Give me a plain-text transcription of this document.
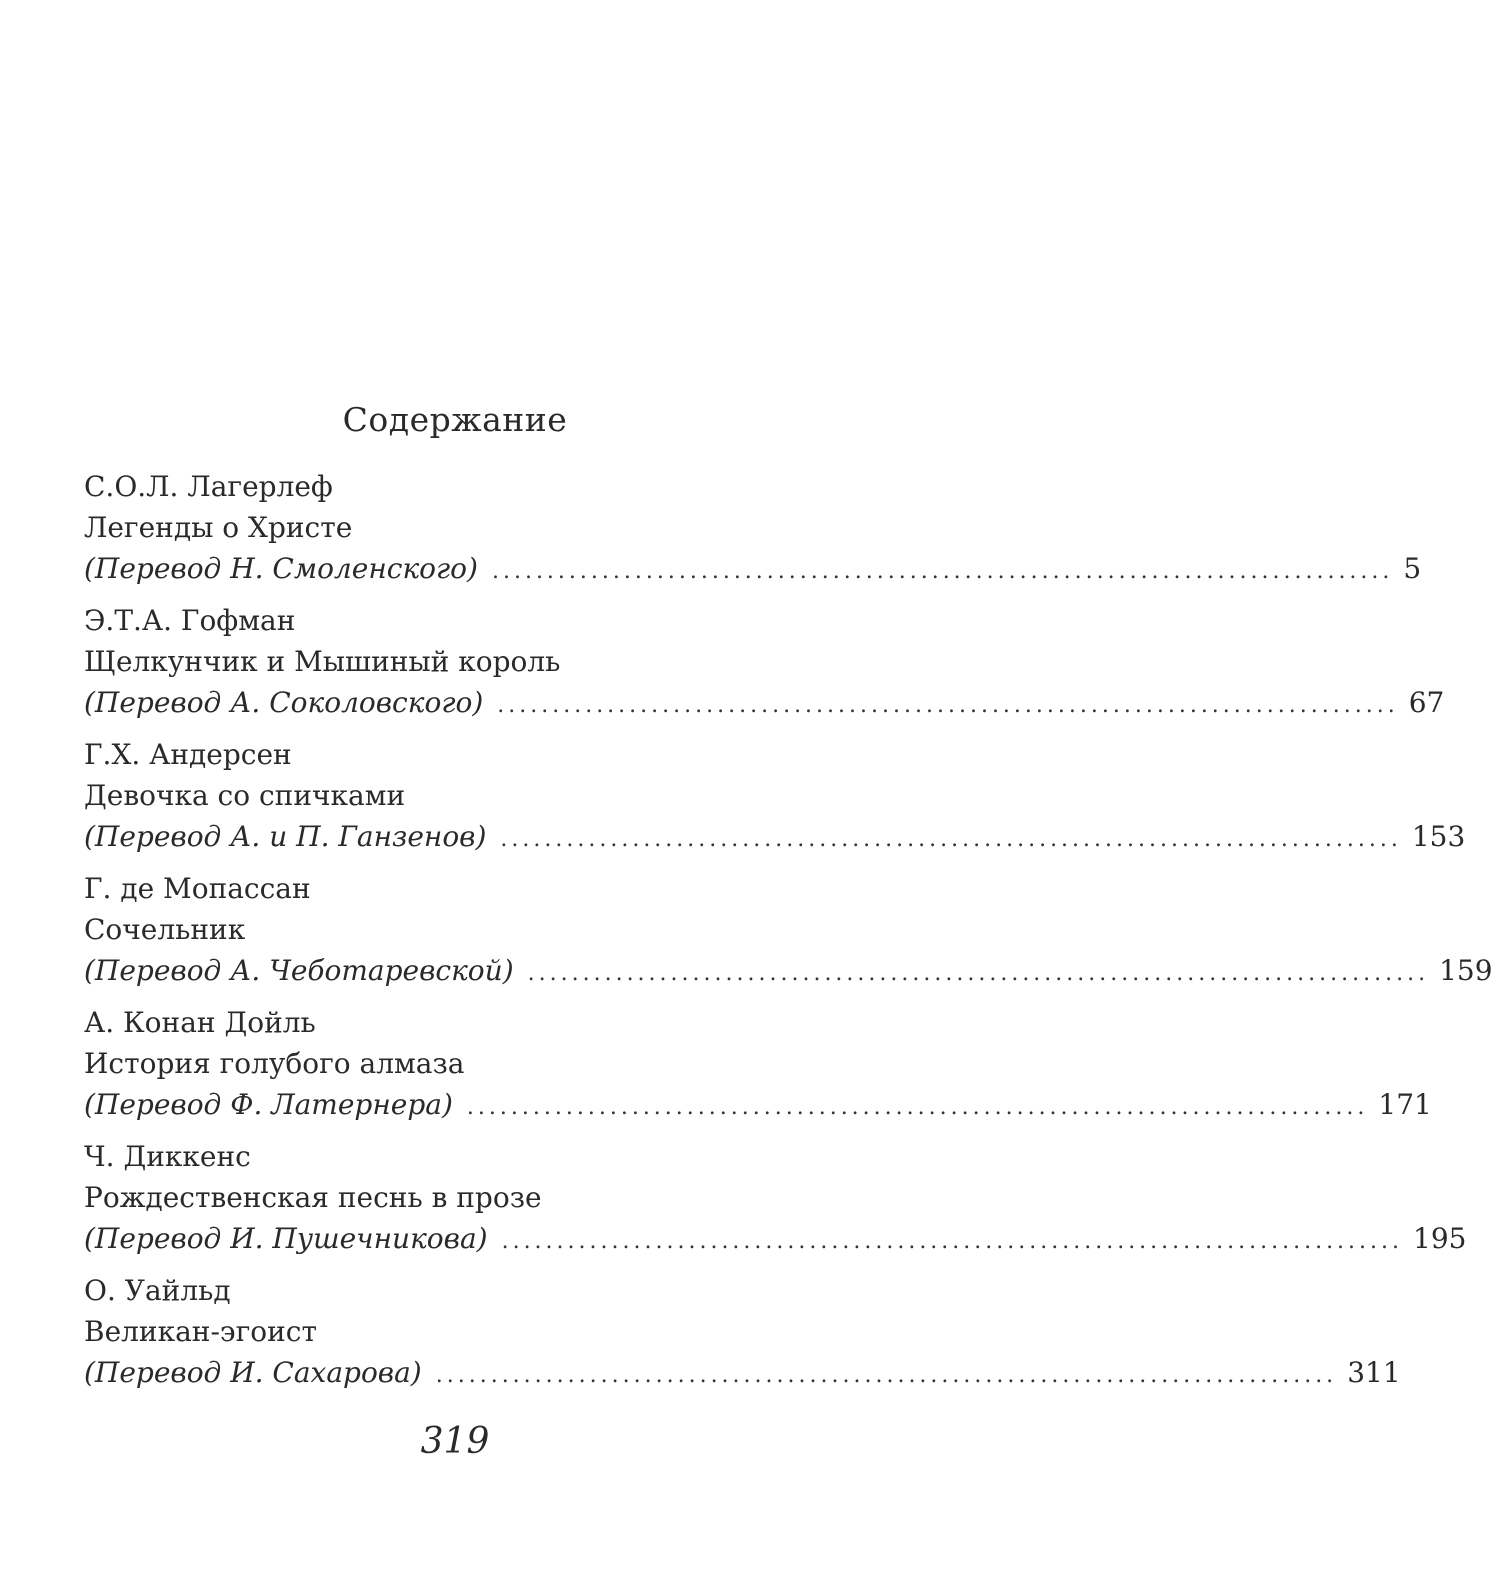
Содержание
С.О.Л. Лагерлеф
Легенды о Христе
(Перевод Н. Смоленского) .................................................................................. 5
Э.Т.А. Гофман
Щелкунчик и Мышиный король
(Перевод А. Соколовского) .................................................................................. 67
Г.Х. Андерсен
Девочка со спичками
(Перевод А. и П. Ганзенов) .................................................................................. 153
Г. де Мопассан
Сочельник
(Перевод А. Чеботаревской) .................................................................................. 159
А. Конан Дойль
История голубого алмаза
(Перевод Ф. Латернера) .................................................................................. 171
Ч. Диккенс
Рождественская песнь в прозе
(Перевод И. Пушечникова) .................................................................................. 195
О. Уайльд
Великан-эгоист
(Перевод И. Сахарова) .................................................................................. 311
319
